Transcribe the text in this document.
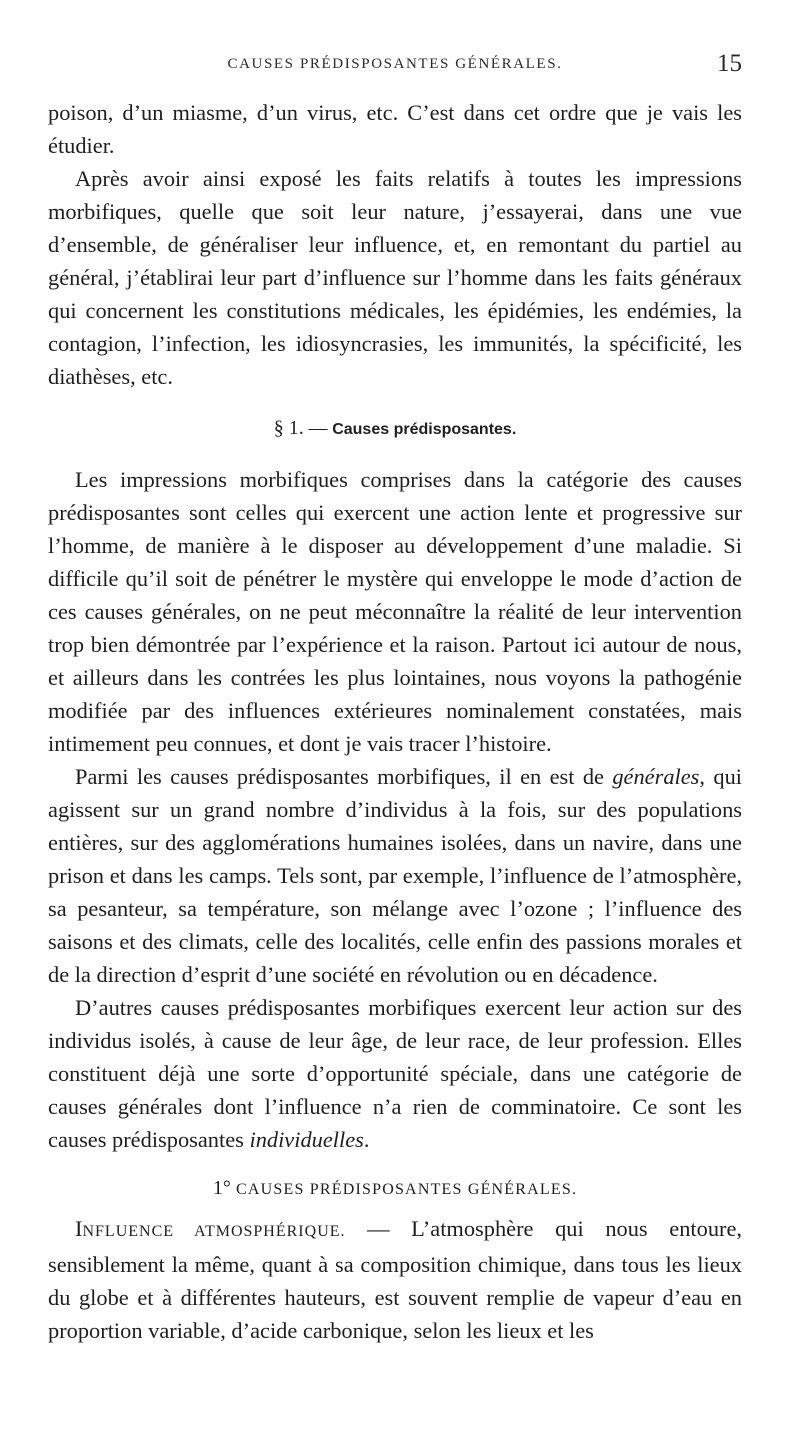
CAUSES PRÉDISPOSANTES GÉNÉRALES.	15

poison, d’un miasme, d’un virus, etc. C’est dans cet ordre que je vais les étudier.

Après avoir ainsi exposé les faits relatifs à toutes les impressions morbifiques, quelle que soit leur nature, j’essayerai, dans une vue d’ensemble, de généraliser leur influence, et, en remontant du partiel au général, j’établirai leur part d’influence sur l’homme dans les faits généraux qui concernent les constitutions médicales, les épidémies, les endémies, la contagion, l’infection, les idiosyncrasies, les immunités, la spécificité, les diathèses, etc.

§ 1. — Causes prédisposantes.

Les impressions morbifiques comprises dans la catégorie des causes prédisposantes sont celles qui exercent une action lente et progressive sur l’homme, de manière à le disposer au développement d’une maladie. Si difficile qu’il soit de pénétrer le mystère qui enveloppe le mode d’action de ces causes générales, on ne peut méconnaître la réalité de leur intervention trop bien démontrée par l’expérience et la raison. Partout ici autour de nous, et ailleurs dans les contrées les plus lointaines, nous voyons la pathogénie modifiée par des influences extérieures nominalement constatées, mais intimement peu connues, et dont je vais tracer l’histoire.

Parmi les causes prédisposantes morbifiques, il en est de générales, qui agissent sur un grand nombre d’individus à la fois, sur des populations entières, sur des agglomérations humaines isolées, dans un navire, dans une prison et dans les camps. Tels sont, par exemple, l’influence de l’atmosphère, sa pesanteur, sa température, son mélange avec l’ozone ; l’influence des saisons et des climats, celle des localités, celle enfin des passions morales et de la direction d’esprit d’une société en révolution ou en décadence.

D’autres causes prédisposantes morbifiques exercent leur action sur des individus isolés, à cause de leur âge, de leur race, de leur profession. Elles constituent déjà une sorte d’opportunité spéciale, dans une catégorie de causes générales dont l’influence n’a rien de comminatoire. Ce sont les causes prédisposantes individuelles.

1° CAUSES PRÉDISPOSANTES GÉNÉRALES.

INFLUENCE ATMOSPHÉRIQUE. — L’atmosphère qui nous entoure, sensiblement la même, quant à sa composition chimique, dans tous les lieux du globe et à différentes hauteurs, est souvent remplie de vapeur d’eau en proportion variable, d’acide carbonique, selon les lieux et les
